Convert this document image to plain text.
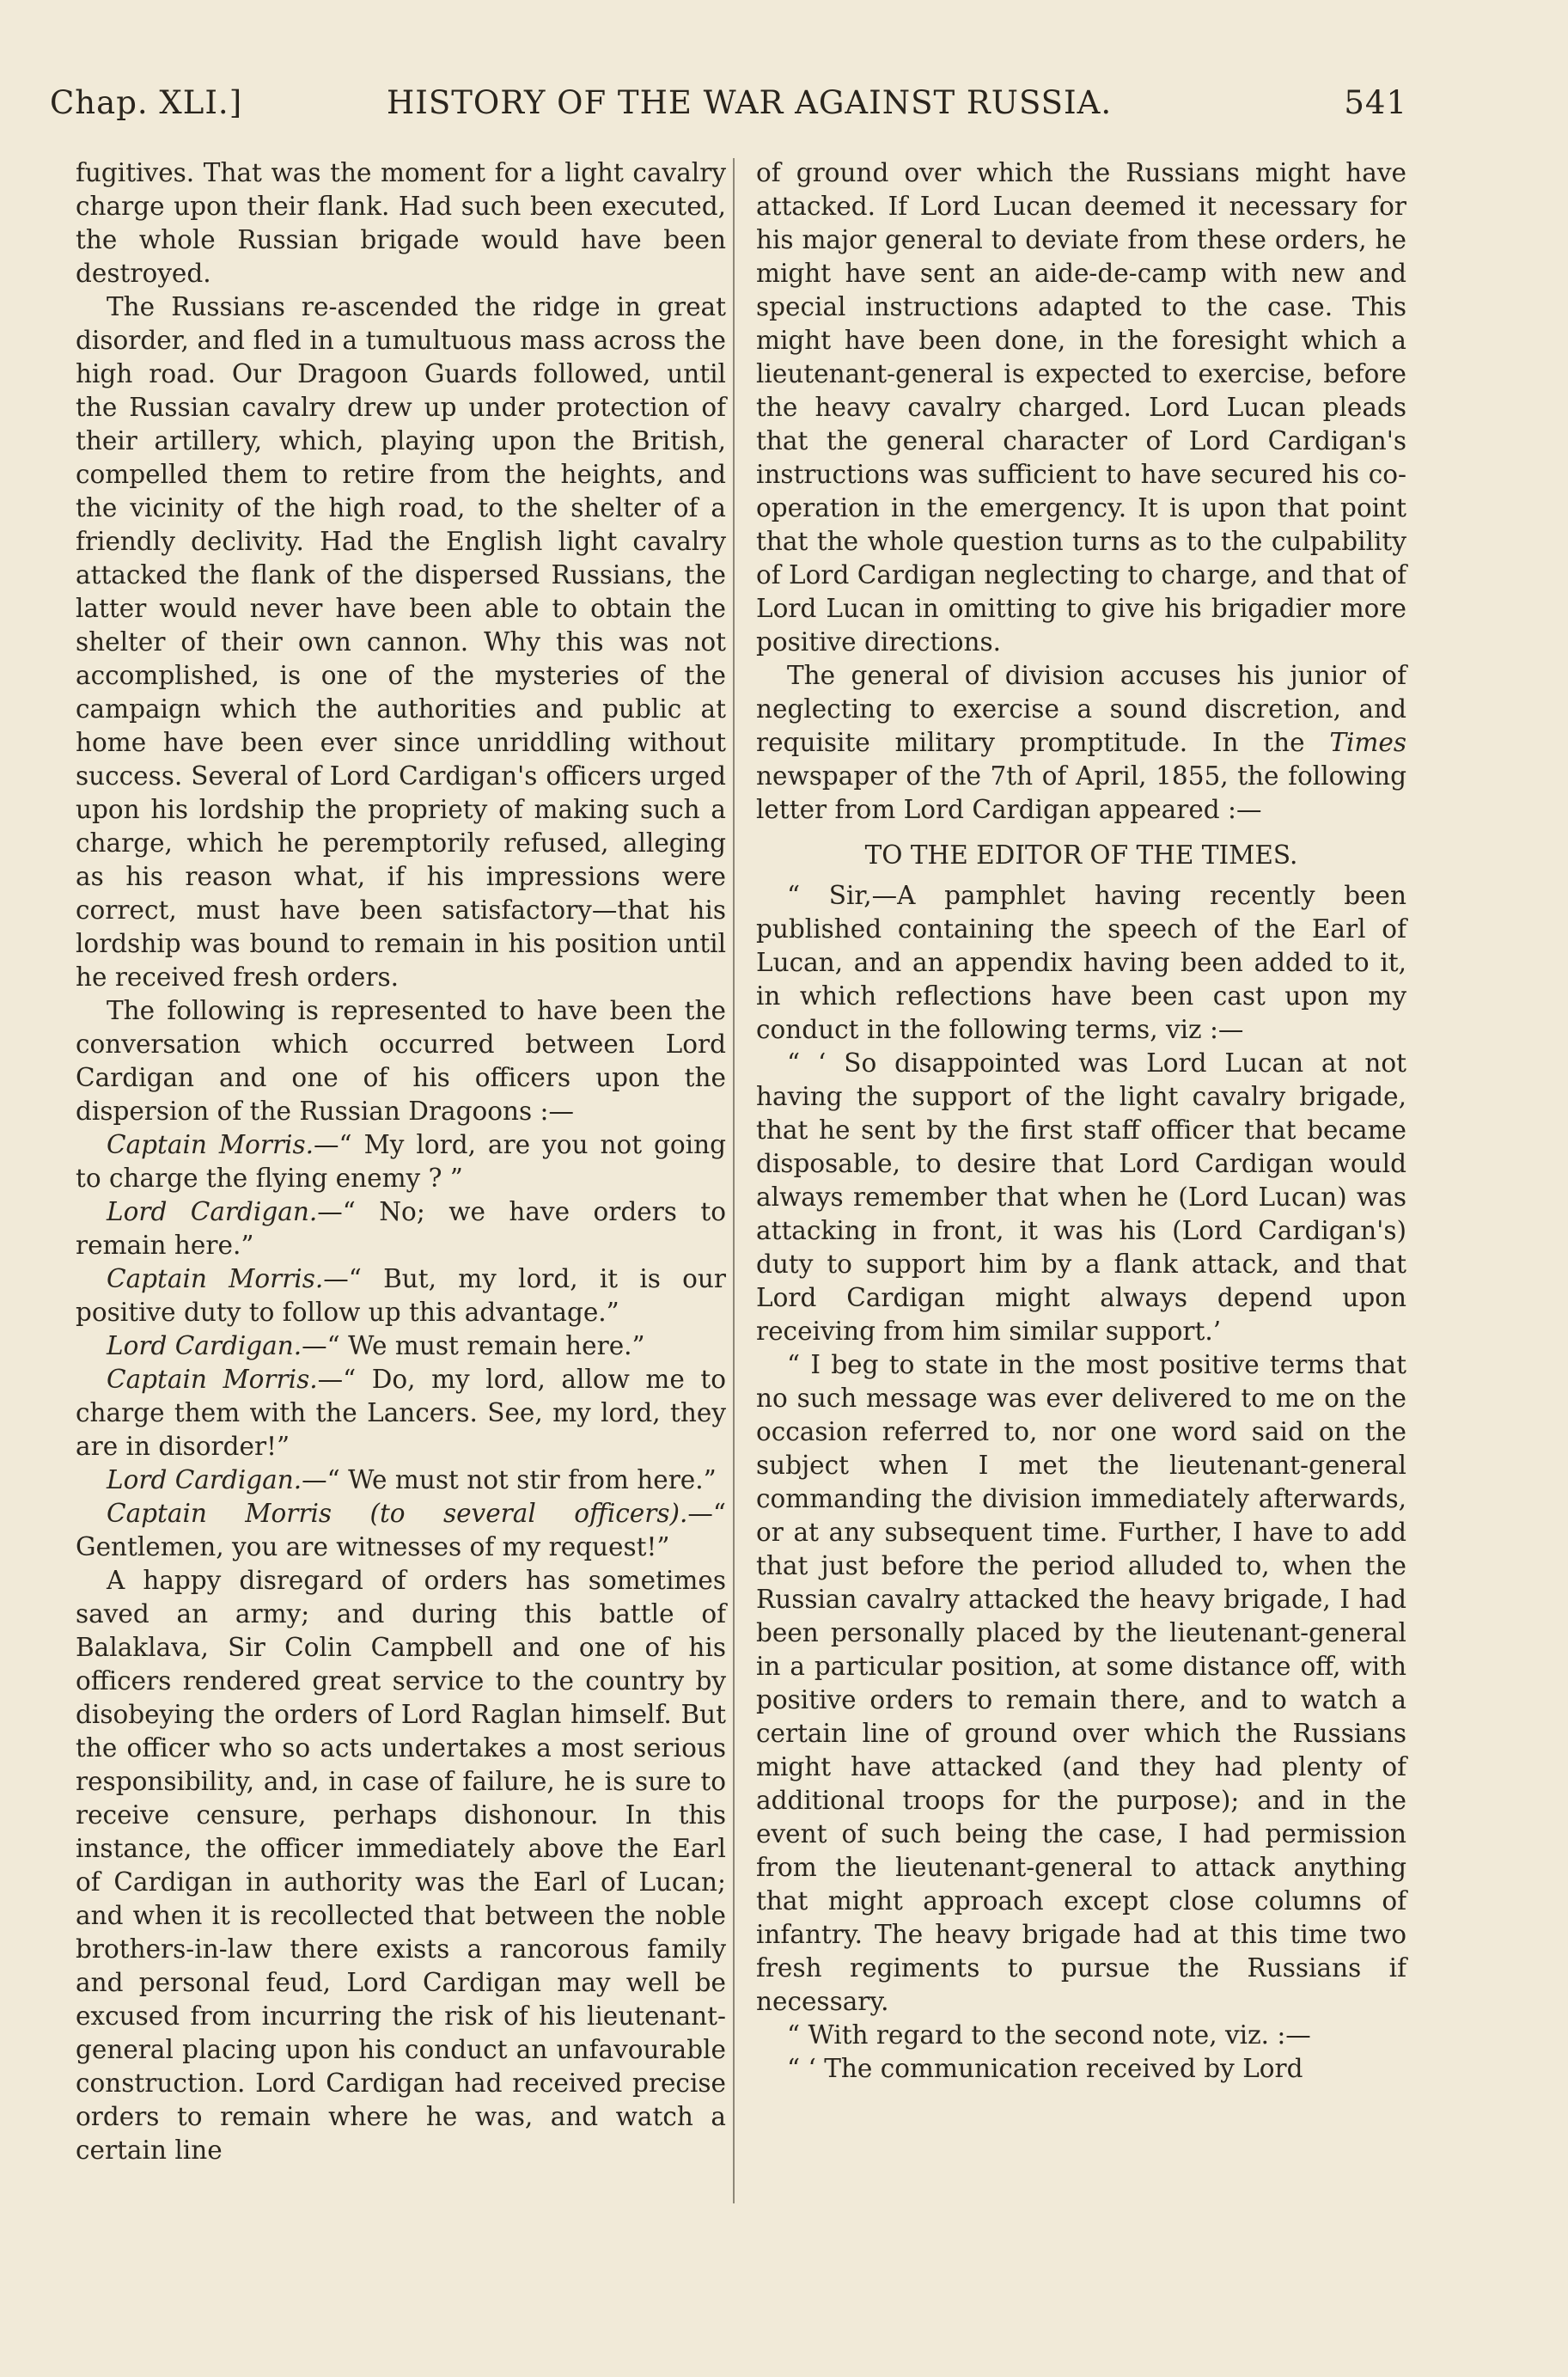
Chap. XLI.]	HISTORY OF THE WAR AGAINST RUSSIA.	541

fugitives. That was the moment for a light cavalry charge upon their flank. Had such been executed, the whole Russian brigade would have been destroyed.

The Russians re-ascended the ridge in great disorder, and fled in a tumultuous mass across the high road. Our Dragoon Guards followed, until the Russian cavalry drew up under protection of their artillery, which, playing upon the British, compelled them to retire from the heights, and the vicinity of the high road, to the shelter of a friendly declivity. Had the English light cavalry attacked the flank of the dispersed Russians, the latter would never have been able to obtain the shelter of their own cannon. Why this was not accomplished, is one of the mysteries of the campaign which the authorities and public at home have been ever since unriddling without success. Several of Lord Cardigan's officers urged upon his lordship the propriety of making such a charge, which he peremptorily refused, alleging as his reason what, if his impressions were correct, must have been satisfactory—that his lordship was bound to remain in his position until he received fresh orders.

The following is represented to have been the conversation which occurred between Lord Cardigan and one of his officers upon the dispersion of the Russian Dragoons :—

Captain Morris.—“ My lord, are you not going to charge the flying enemy ? ”

Lord Cardigan.—“ No; we have orders to remain here.”

Captain Morris.—“ But, my lord, it is our positive duty to follow up this advantage.”

Lord Cardigan.—“ We must remain here.”

Captain Morris.—“ Do, my lord, allow me to charge them with the Lancers. See, my lord, they are in disorder!”

Lord Cardigan.—“ We must not stir from here.”

Captain Morris (to several officers).—“ Gentlemen, you are witnesses of my request!”

A happy disregard of orders has sometimes saved an army; and during this battle of Balaklava, Sir Colin Campbell and one of his officers rendered great service to the country by disobeying the orders of Lord Raglan himself. But the officer who so acts undertakes a most serious responsibility, and, in case of failure, he is sure to receive censure, perhaps dishonour. In this instance, the officer immediately above the Earl of Cardigan in authority was the Earl of Lucan; and when it is recollected that between the noble brothers-in-law there exists a rancorous family and personal feud, Lord Cardigan may well be excused from incurring the risk of his lieutenant-general placing upon his conduct an unfavourable construction. Lord Cardigan had received precise orders to remain where he was, and watch a certain line

of ground over which the Russians might have attacked. If Lord Lucan deemed it necessary for his major general to deviate from these orders, he might have sent an aide-de-camp with new and special instructions adapted to the case. This might have been done, in the foresight which a lieutenant-general is expected to exercise, before the heavy cavalry charged. Lord Lucan pleads that the general character of Lord Cardigan's instructions was sufficient to have secured his co-operation in the emergency. It is upon that point that the whole question turns as to the culpability of Lord Cardigan neglecting to charge, and that of Lord Lucan in omitting to give his brigadier more positive directions.

The general of division accuses his junior of neglecting to exercise a sound discretion, and requisite military promptitude. In the Times newspaper of the 7th of April, 1855, the following letter from Lord Cardigan appeared :—

TO THE EDITOR OF THE TIMES.

“ Sir,—A pamphlet having recently been published containing the speech of the Earl of Lucan, and an appendix having been added to it, in which reflections have been cast upon my conduct in the following terms, viz :—

“ ‘ So disappointed was Lord Lucan at not having the support of the light cavalry brigade, that he sent by the first staff officer that became disposable, to desire that Lord Cardigan would always remember that when he (Lord Lucan) was attacking in front, it was his (Lord Cardigan's) duty to support him by a flank attack, and that Lord Cardigan might always depend upon receiving from him similar support.’

“ I beg to state in the most positive terms that no such message was ever delivered to me on the occasion referred to, nor one word said on the subject when I met the lieutenant-general commanding the division immediately afterwards, or at any subsequent time. Further, I have to add that just before the period alluded to, when the Russian cavalry attacked the heavy brigade, I had been personally placed by the lieutenant-general in a particular position, at some distance off, with positive orders to remain there, and to watch a certain line of ground over which the Russians might have attacked (and they had plenty of additional troops for the purpose); and in the event of such being the case, I had permission from the lieutenant-general to attack anything that might approach except close columns of infantry. The heavy brigade had at this time two fresh regiments to pursue the Russians if necessary.

“ With regard to the second note, viz. :—

“ ‘ The communication received by Lord
